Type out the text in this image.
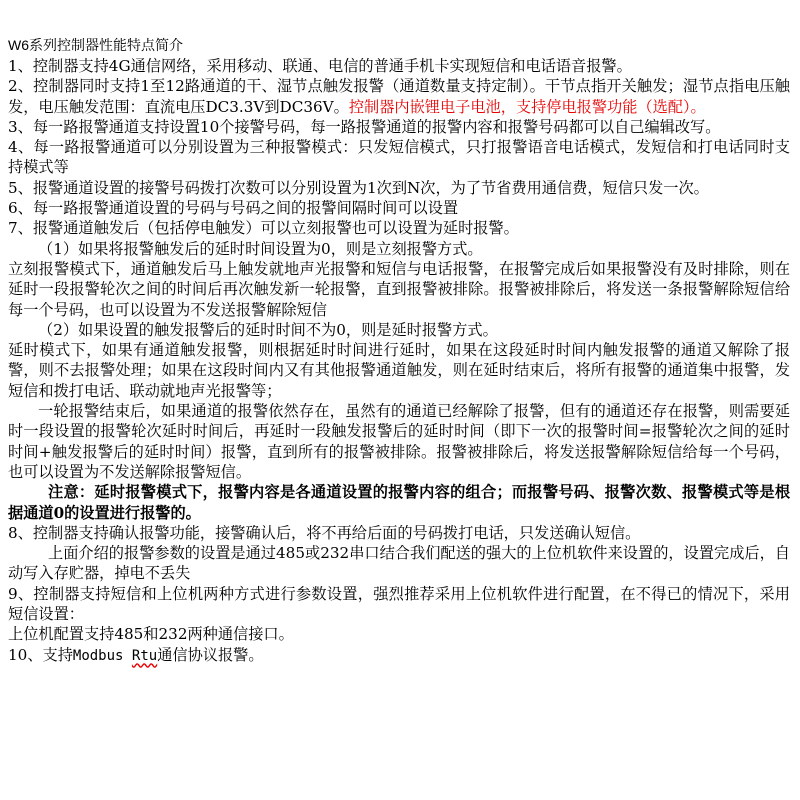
W6系列控制器性能特点简介

1、控制器支持4G通信网络，采用移动、联通、电信的普通手机卡实现短信和电话语音报警。

2、控制器同时支持1至12路通道的干、湿节点触发报警（通道数量支持定制）。干节点指开关触发；湿节点指电压触发，电压触发范围：直流电压DC3.3V到DC36V。控制器内嵌锂电子电池，支持停电报警功能（选配）。

3、每一路报警通道支持设置10个接警号码，每一路报警通道的报警内容和报警号码都可以自己编辑改写。

4、每一路报警通道可以分别设置为三种报警模式：只发短信模式，只打报警语音电话模式，发短信和打电话同时支持模式等

5、报警通道设置的接警号码拨打次数可以分别设置为1次到N次，为了节省费用通信费，短信只发一次。

6、每一路报警通道设置的号码与号码之间的报警间隔时间可以设置

7、报警通道触发后（包括停电触发）可以立刻报警也可以设置为延时报警。

（1）如果将报警触发后的延时时间设置为0，则是立刻报警方式。

立刻报警模式下，通道触发后马上触发就地声光报警和短信与电话报警，在报警完成后如果报警没有及时排除，则在延时一段报警轮次之间的时间后再次触发新一轮报警，直到报警被排除。报警被排除后，将发送一条报警解除短信给每一个号码，也可以设置为不发送报警解除短信

（2）如果设置的触发报警后的延时时间不为0，则是延时报警方式。

延时模式下，如果有通道触发报警，则根据延时时间进行延时，如果在这段延时时间内触发报警的通道又解除了报警，则不去报警处理；如果在这段时间内又有其他报警通道触发，则在延时结束后，将所有报警的通道集中报警，发短信和拨打电话、联动就地声光报警等；

一轮报警结束后，如果通道的报警依然存在，虽然有的通道已经解除了报警，但有的通道还存在报警，则需要延时一段设置的报警轮次延时时间后，再延时一段触发报警后的延时时间（即下一次的报警时间=报警轮次之间的延时时间+触发报警后的延时时间）报警，直到所有的报警被排除。报警被排除后，将发送报警解除短信给每一个号码，也可以设置为不发送解除报警短信。

注意：延时报警模式下，报警内容是各通道设置的报警内容的组合；而报警号码、报警次数、报警模式等是根据通道0的设置进行报警的。

8、控制器支持确认报警功能，接警确认后，将不再给后面的号码拨打电话，只发送确认短信。

上面介绍的报警参数的设置是通过485或232串口结合我们配送的强大的上位机软件来设置的，设置完成后，自动写入存贮器，掉电不丢失

9、控制器支持短信和上位机两种方式进行参数设置，强烈推荐采用上位机软件进行配置，在不得已的情况下，采用短信设置：

上位机配置支持485和232两种通信接口。

10、支持Modbus Rtu通信协议报警。
